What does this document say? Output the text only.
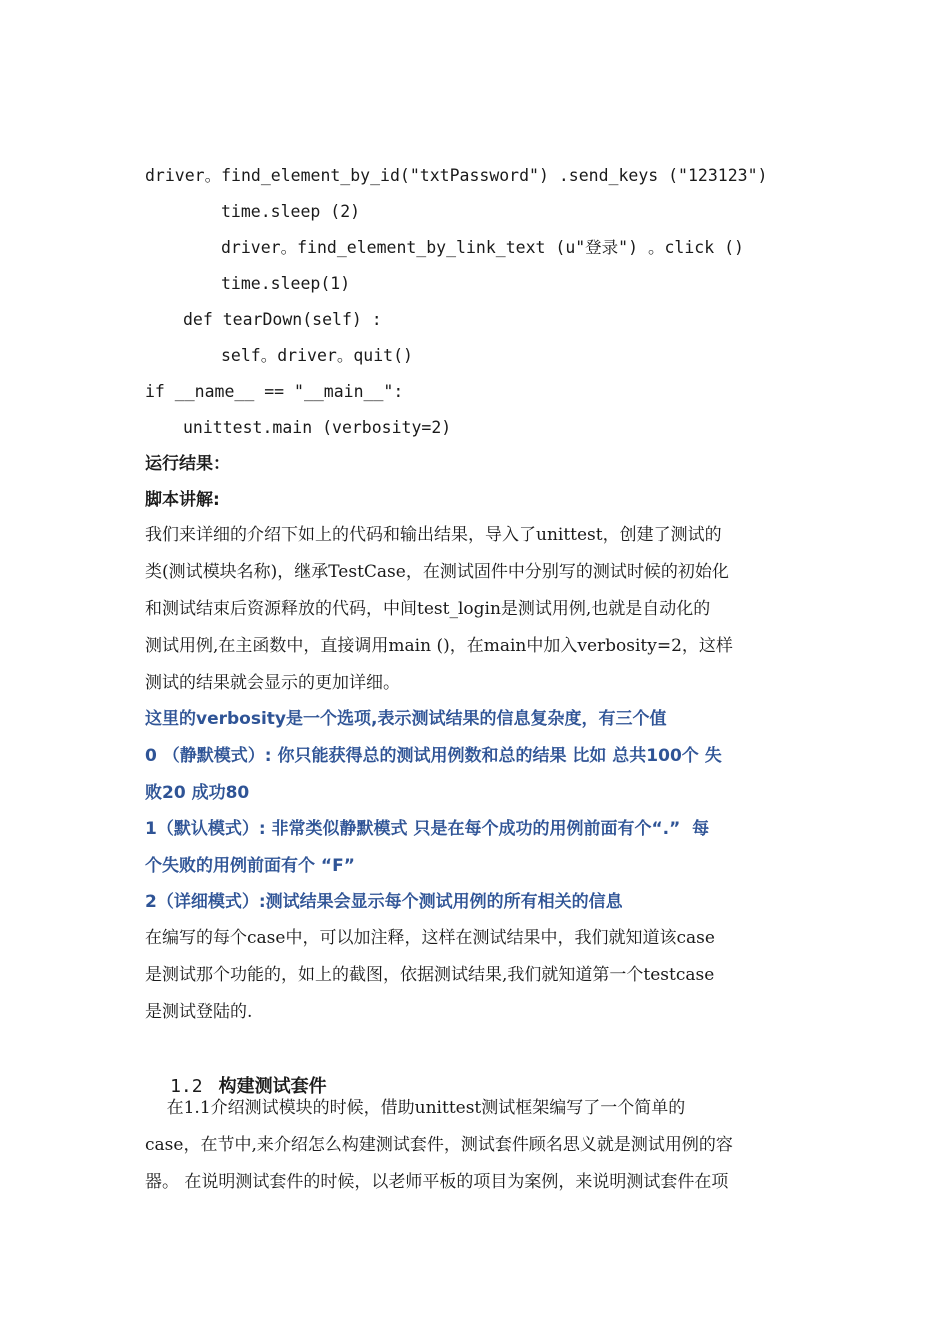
driver。find_element_by_id("txtPassword") .send_keys ("123123")
time.sleep (2)
driver。find_element_by_link_text (u"登录") 。click ()
time.sleep(1)
def tearDown(self) :
self。driver。quit()
if __name__ == "__main__":
unittest.main (verbosity=2)
运行结果：
脚本讲解:
我们来详细的介绍下如上的代码和输出结果，导入了unittest，创建了测试的
类(测试模块名称)，继承TestCase，在测试固件中分别写的测试时候的初始化
和测试结束后资源释放的代码，中间test_login是测试用例,也就是自动化的
测试用例,在主函数中，直接调用main ()，在main中加入verbosity=2，这样
测试的结果就会显示的更加详细。
这里的verbosity是一个选项,表示测试结果的信息复杂度，有三个值
0 （静默模式）: 你只能获得总的测试用例数和总的结果 比如 总共100个 失
败20 成功80
1（默认模式）: 非常类似静默模式 只是在每个成功的用例前面有个“.”  每
个失败的用例前面有个 “F”
2（详细模式）:测试结果会显示每个测试用例的所有相关的信息
在编写的每个case中，可以加注释，这样在测试结果中，我们就知道该case
是测试那个功能的，如上的截图，依据测试结果,我们就知道第一个testcase
是测试登陆的.

1.2 构建测试套件

在1.1介绍测试模块的时候，借助unittest测试框架编写了一个简单的
case，在节中,来介绍怎么构建测试套件，测试套件顾名思义就是测试用例的容
器。 在说明测试套件的时候，以老师平板的项目为案例，来说明测试套件在项
